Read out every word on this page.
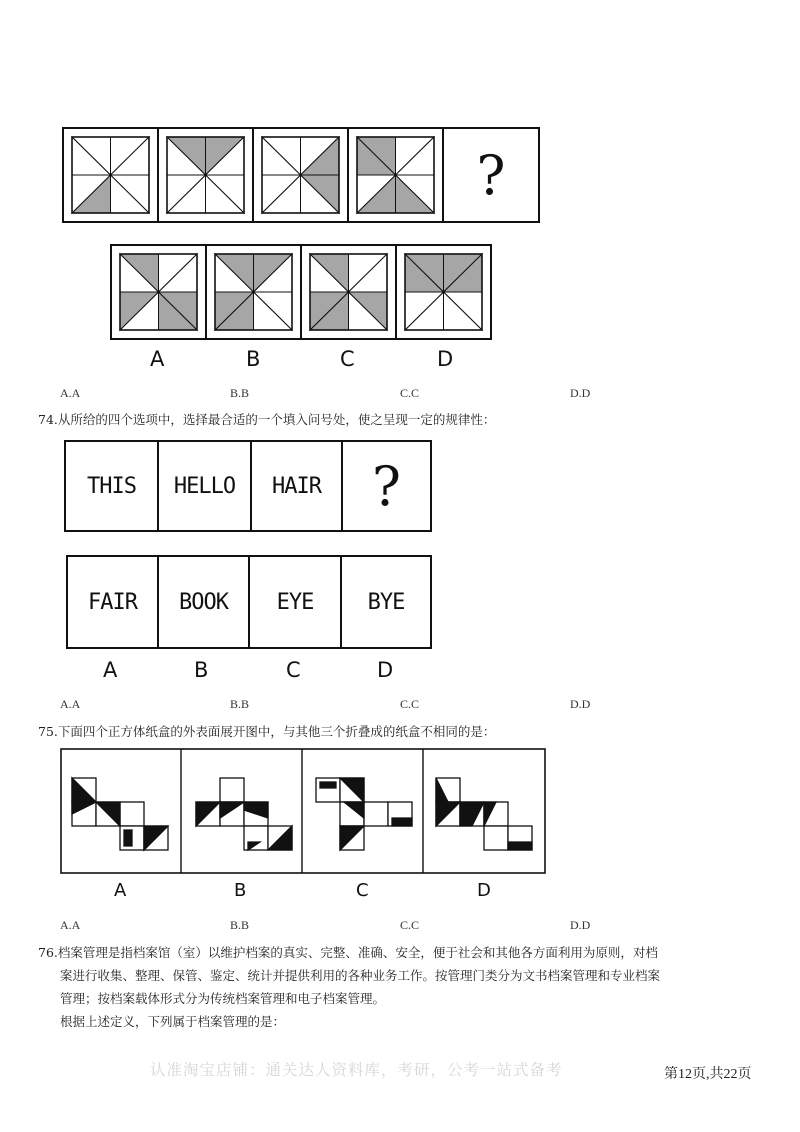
?
A	B	C	D
A.A	B.B	C.C	D.D
74.从所给的四个选项中，选择最合适的一个填入问号处，使之呈现一定的规律性：
THIS	HELLO	HAIR ?
FAIR	BOOK	EYE	BYE
A	B	C	D
A.A	B.B	C.C	D.D
75.下面四个正方体纸盒的外表面展开图中，与其他三个折叠成的纸盒不相同的是：
A	B	C	D
A.A	B.B	C.C	D.D
76.档案管理是指档案馆（室）以维护档案的真实、完整、准确、安全，便于社会和其他各方面利用为原则，对档
案进行收集、整理、保管、鉴定、统计并提供利用的各种业务工作。按管理门类分为文书档案管理和专业档案
管理；按档案载体形式分为传统档案管理和电子档案管理。
根据上述定义，下列属于档案管理的是：
认准淘宝店铺：通关达人资料库，考研，公考一站式备考	第12页,共22页
